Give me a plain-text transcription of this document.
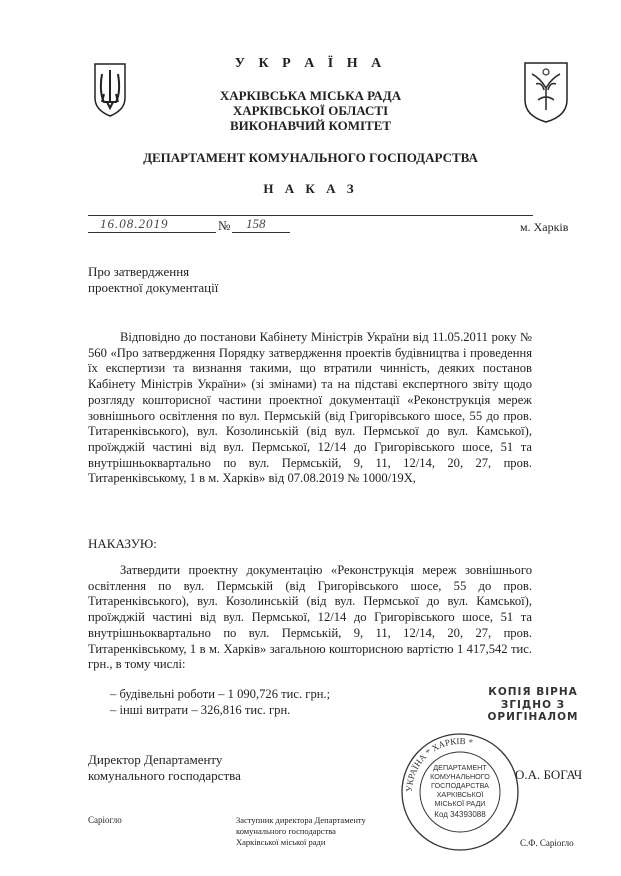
У К Р А Ї Н А
ХАРКІВСЬКА МІСЬКА РАДА
ХАРКІВСЬКОЇ ОБЛАСТІ
ВИКОНАВЧИЙ КОМІТЕТ
ДЕПАРТАМЕНТ КОМУНАЛЬНОГО ГОСПОДАРСТВА
Н А К А З
16.08.2019	№ 158	м. Харків
Про затвердження
проектної документації
Відповідно до постанови Кабінету Міністрів України від 11.05.2011 року № 560 «Про затвердження Порядку затвердження проектів будівництва і проведення їх експертизи та визнання такими, що втратили чинність, деяких постанов Кабінету Міністрів України» (зі змінами) та на підставі експертного звіту щодо розгляду кошторисної частини проектної документації «Реконструкція мереж зовнішнього освітлення по вул. Пермській (від Григорівського шосе, 55 до пров. Титаренківського), вул. Козолинській (від вул. Пермської до вул. Камської), проїжджій частині від вул. Пермської, 12/14 до Григорівського шосе, 51 та внутрішньоквартально по вул. Пермській, 9, 11, 12/14, 20, 27, пров. Титаренківському, 1 в м. Харків» від 07.08.2019 № 1000/19Х,
НАКАЗУЮ:
Затвердити проектну документацію «Реконструкція мереж зовнішнього освітлення по вул. Пермській (від Григорівського шосе, 55 до пров. Титаренківського), вул. Козолинській (від вул. Пермської до вул. Камської), проїжджій частині від вул. Пермської, 12/14 до Григорівського шосе, 51 та внутрішньоквартально по вул. Пермській, 9, 11, 12/14, 20, 27, пров. Титаренківському, 1 в м. Харків» загальною кошторисною вартістю 1 417,542 тис. грн., в тому числі:
– будівельні роботи – 1 090,726 тис. грн.;
– інші витрати – 326,816 тис. грн.
КОПІЯ ВІРНА
ЗГІДНО З
ОРИГІНАЛОМ
Директор Департаменту
комунального господарства	О.А. БОГАЧ
УКРАЇНА * ХАРКІВ *
ДЕПАРТАМЕНТ
КОМУНАЛЬНОГО
ГОСПОДАРСТВА
ХАРКІВСЬКОЇ
МІСЬКОЇ РАДИ
Код 34393088
Саріогло	Заступник директора Департаменту
комунального господарства
Харківської міської ради	С.Ф. Саріогло
